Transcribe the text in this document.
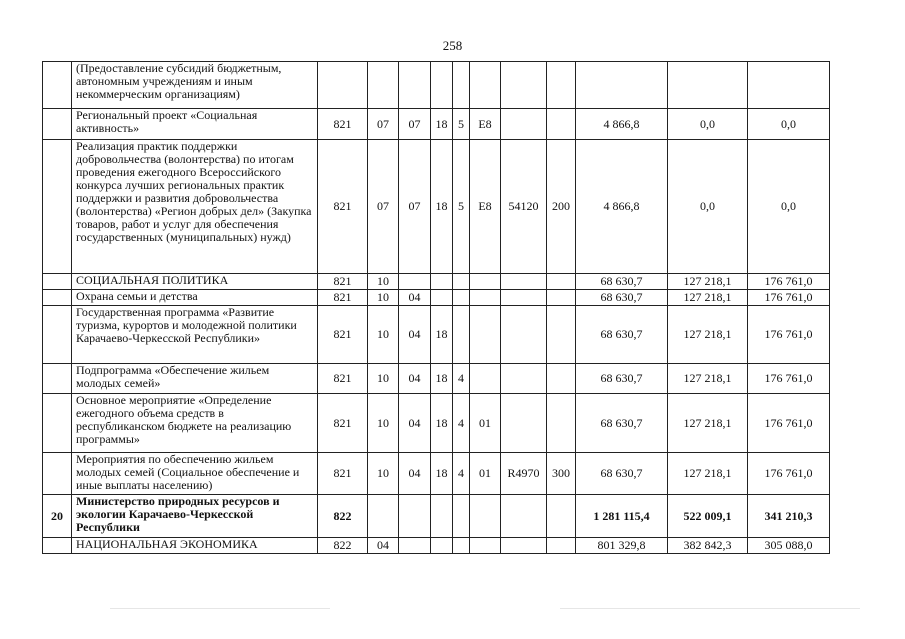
258
	(Предоставление субсидий бюджетным, автономным учреждениям и иным некоммерческим организациям)											
	Региональный проект «Социальная активность»	821	07	07	18	5	E8			4 866,8	0,0	0,0
	Реализация практик поддержки добровольчества (волонтерства) по итогам проведения ежегодного Всероссийского конкурса лучших региональных практик поддержки и развития добровольчества (волонтерства) «Регион добрых дел» (Закупка товаров, работ и услуг для обеспечения государственных (муниципальных) нужд)	821	07	07	18	5	E8	54120	200	4 866,8	0,0	0,0
	СОЦИАЛЬНАЯ ПОЛИТИКА	821	10							68 630,7	127 218,1	176 761,0
	Охрана семьи и детства	821	10	04						68 630,7	127 218,1	176 761,0
	Государственная программа «Развитие туризма, курортов и молодежной политики Карачаево-Черкесской Республики»	821	10	04	18					68 630,7	127 218,1	176 761,0
	Подпрограмма «Обеспечение жильем молодых семей»	821	10	04	18	4				68 630,7	127 218,1	176 761,0
	Основное мероприятие «Определение ежегодного объема средств в республиканском бюджете на реализацию программы»	821	10	04	18	4	01			68 630,7	127 218,1	176 761,0
	Мероприятия по обеспечению жильем молодых семей (Социальное обеспечение и иные выплаты населению)	821	10	04	18	4	01	R4970	300	68 630,7	127 218,1	176 761,0
20	Министерство природных ресурсов и экологии Карачаево-Черкесской Республики	822								1 281 115,4	522 009,1	341 210,3
	НАЦИОНАЛЬНАЯ ЭКОНОМИКА	822	04							801 329,8	382 842,3	305 088,0
